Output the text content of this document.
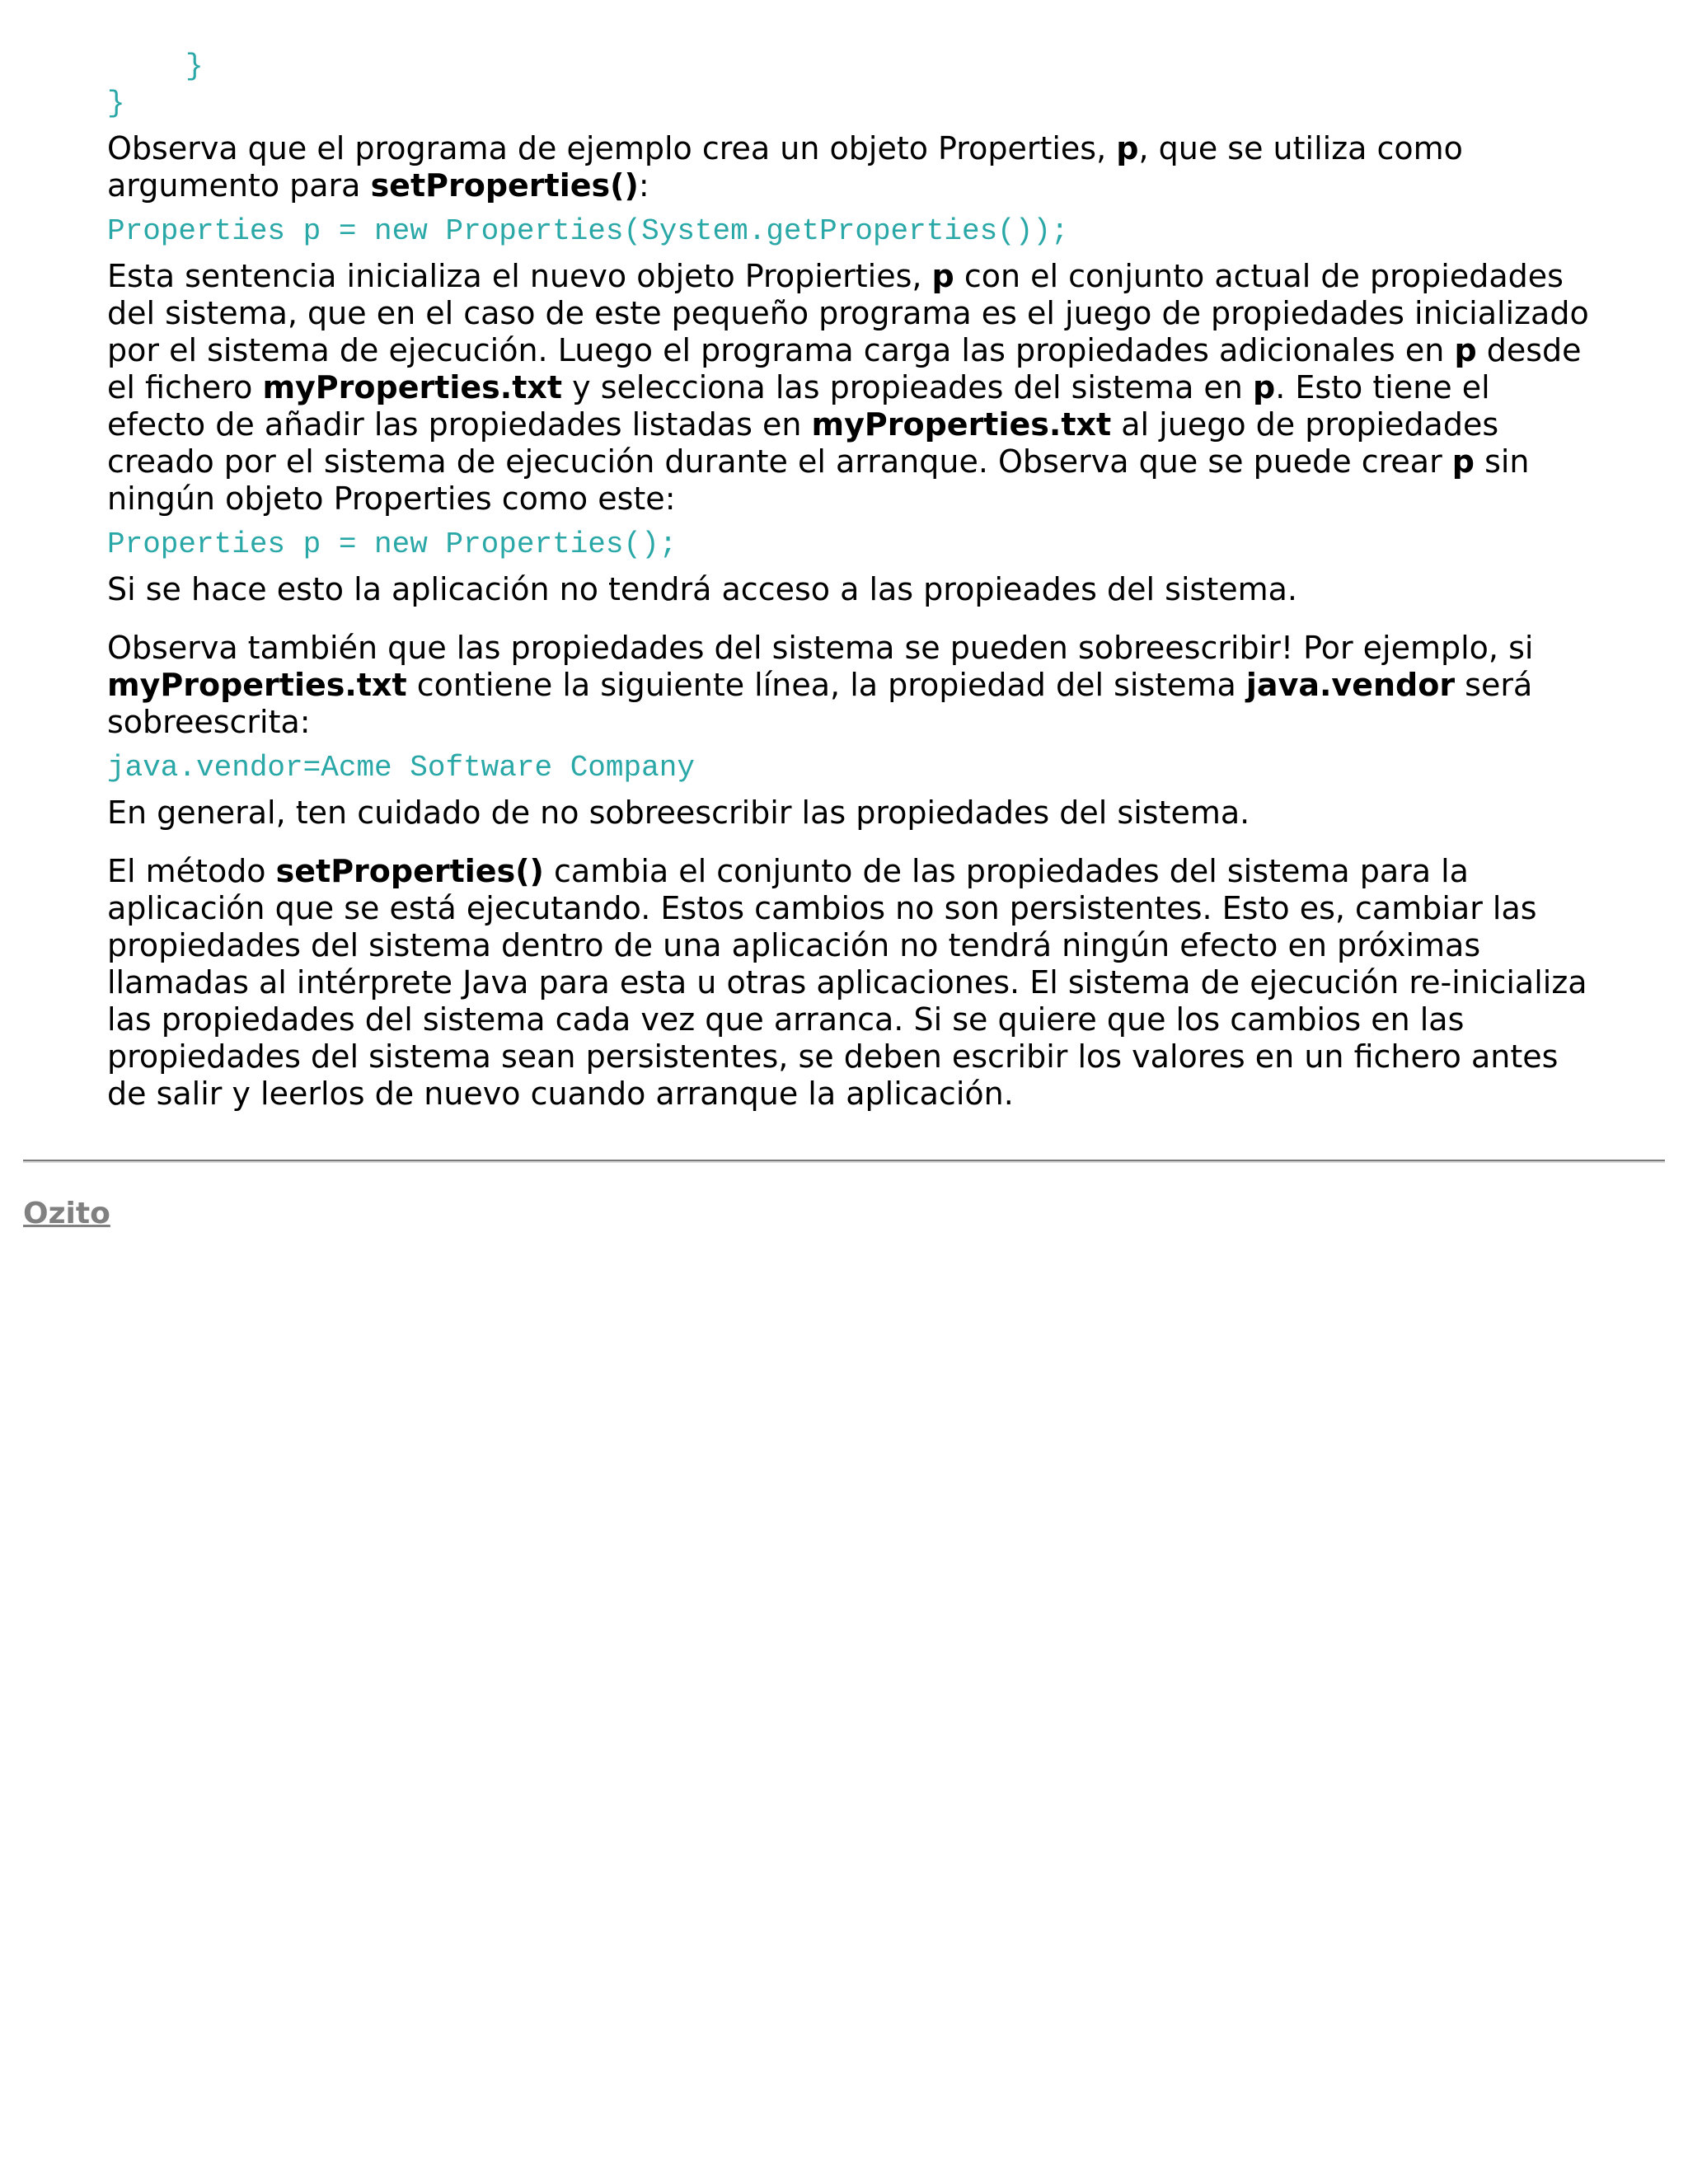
}

}

Observa que el programa de ejemplo crea un objeto Properties, p, que se utiliza como argumento para setProperties():

Properties p = new Properties(System.getProperties());

Esta sentencia inicializa el nuevo objeto Propierties, p con el conjunto actual de propiedades del sistema, que en el caso de este pequeño programa es el juego de propiedades inicializado por el sistema de ejecución. Luego el programa carga las propiedades adicionales en p desde el fichero myProperties.txt y selecciona las propieades del sistema en p. Esto tiene el efecto de añadir las propiedades listadas en myProperties.txt al juego de propiedades creado por el sistema de ejecución durante el arranque. Observa que se puede crear p sin ningún objeto Properties como este:

Properties p = new Properties();

Si se hace esto la aplicación no tendrá acceso a las propieades del sistema.

Observa también que las propiedades del sistema se pueden sobreescribir! Por ejemplo, si myProperties.txt contiene la siguiente línea, la propiedad del sistema java.vendor será sobreescrita:

java.vendor=Acme Software Company

En general, ten cuidado de no sobreescribir las propiedades del sistema.

El método setProperties() cambia el conjunto de las propiedades del sistema para la aplicación que se está ejecutando. Estos cambios no son persistentes. Esto es, cambiar las propiedades del sistema dentro de una aplicación no tendrá ningún efecto en próximas llamadas al intérprete Java para esta u otras aplicaciones. El sistema de ejecución re-inicializa las propiedades del sistema cada vez que arranca. Si se quiere que los cambios en las propiedades del sistema sean persistentes, se deben escribir los valores en un fichero antes de salir y leerlos de nuevo cuando arranque la aplicación.

Ozito
